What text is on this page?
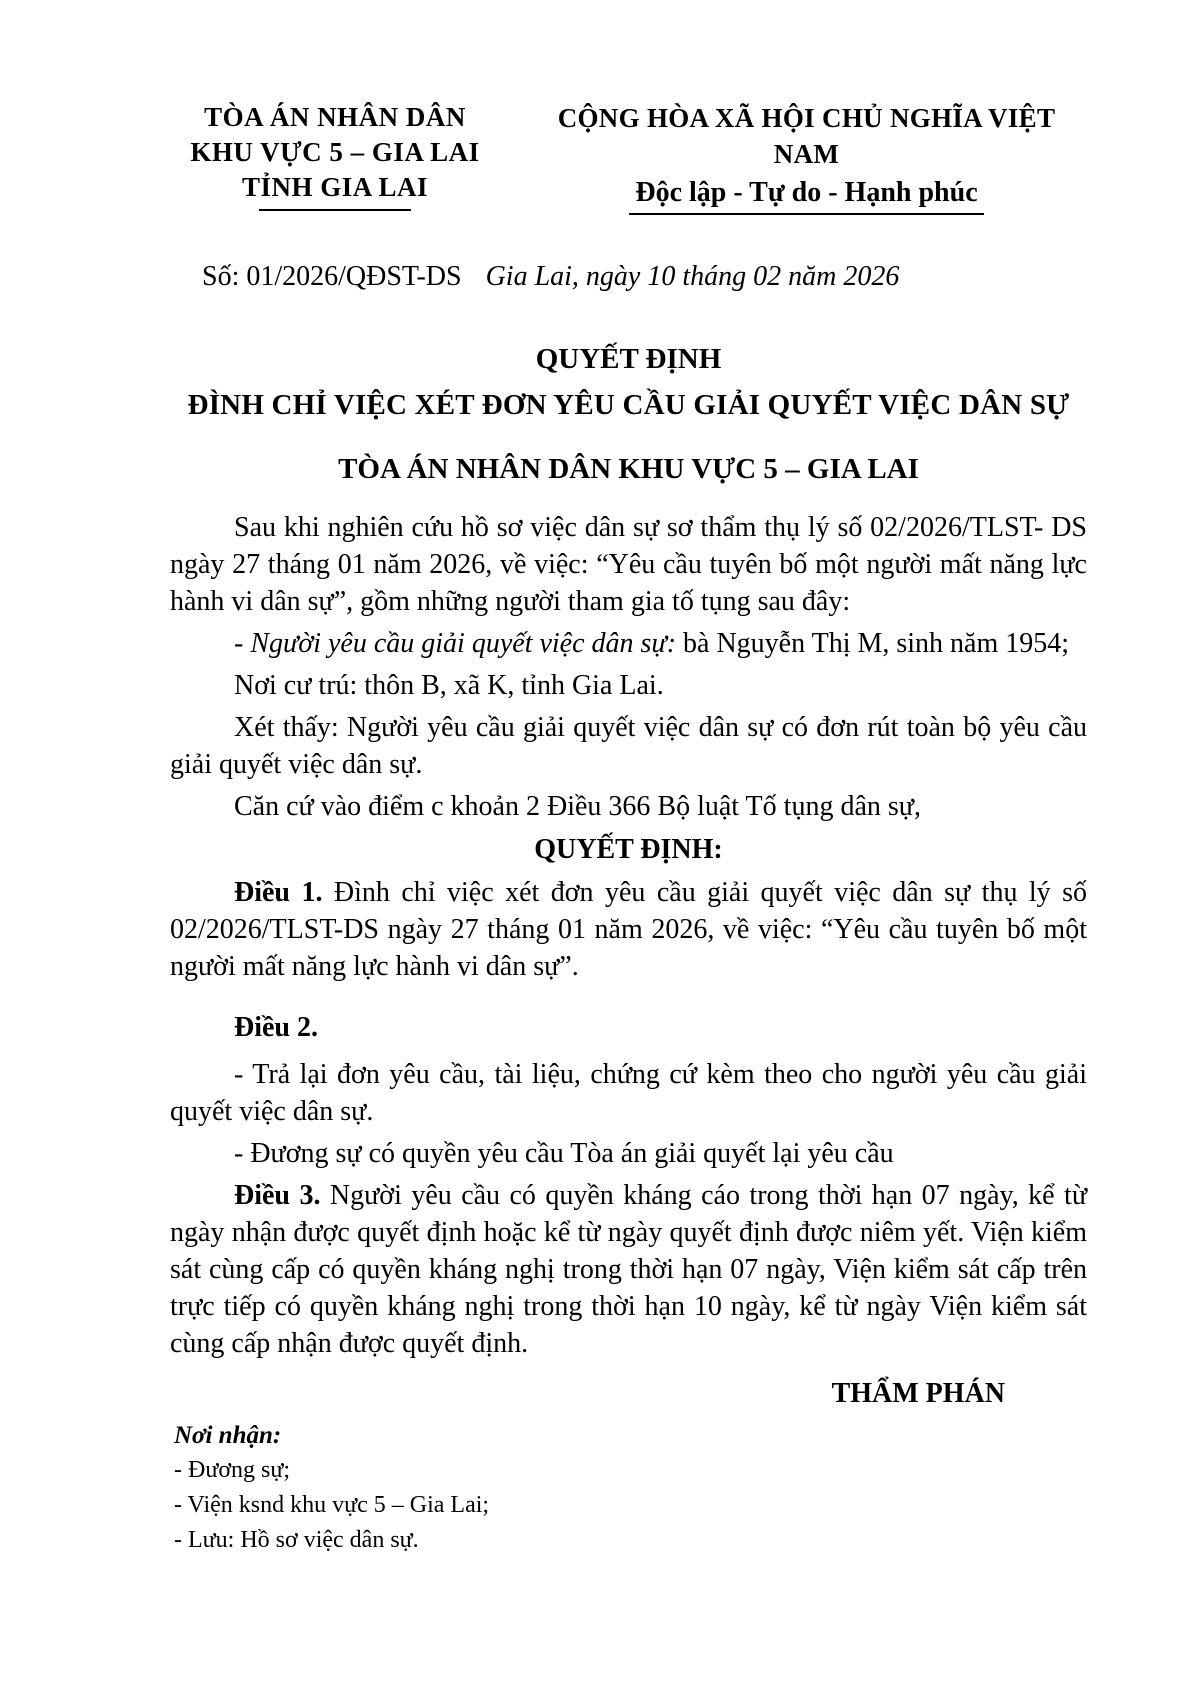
TÒA ÁN NHÂN DÂN
KHU VỰC 5 – GIA LAI
TỈNH GIA LAI
CỘNG HÒA XÃ HỘI CHỦ NGHĨA VIỆT NAM
Độc lập - Tự do - Hạnh phúc
Số: 01/2026/QĐST-DS Gia Lai, ngày 10 tháng 02 năm 2026
QUYẾT ĐỊNH
ĐÌNH CHỈ VIỆC XÉT ĐƠN YÊU CẦU GIẢI QUYẾT VIỆC DÂN SỰ
TÒA ÁN NHÂN DÂN KHU VỰC 5 – GIA LAI

Sau khi nghiên cứu hồ sơ việc dân sự sơ thẩm thụ lý số 02/2026/TLST- DS ngày 27 tháng 01 năm 2026, về việc: “Yêu cầu tuyên bố một người mất năng lực hành vi dân sự”, gồm những người tham gia tố tụng sau đây:

- Người yêu cầu giải quyết việc dân sự: bà Nguyễn Thị M, sinh năm 1954;

Nơi cư trú: thôn B, xã K, tỉnh Gia Lai.

Xét thấy: Người yêu cầu giải quyết việc dân sự có đơn rút toàn bộ yêu cầu giải quyết việc dân sự.

Căn cứ vào điểm c khoản 2 Điều 366 Bộ luật Tố tụng dân sự,

QUYẾT ĐỊNH:

Điều 1. Đình chỉ việc xét đơn yêu cầu giải quyết việc dân sự thụ lý số 02/2026/TLST-DS ngày 27 tháng 01 năm 2026, về việc: “Yêu cầu tuyên bố một người mất năng lực hành vi dân sự”.

Điều 2.

- Trả lại đơn yêu cầu, tài liệu, chứng cứ kèm theo cho người yêu cầu giải quyết việc dân sự.

- Đương sự có quyền yêu cầu Tòa án giải quyết lại yêu cầu

Điều 3. Người yêu cầu có quyền kháng cáo trong thời hạn 07 ngày, kể từ ngày nhận được quyết định hoặc kể từ ngày quyết định được niêm yết. Viện kiểm sát cùng cấp có quyền kháng nghị trong thời hạn 07 ngày, Viện kiểm sát cấp trên trực tiếp có quyền kháng nghị trong thời hạn 10 ngày, kể từ ngày Viện kiểm sát cùng cấp nhận được quyết định.

THẨM PHÁN
Nơi nhận:
- Đương sự;
- Viện ksnd khu vực 5 – Gia Lai;
- Lưu: Hồ sơ việc dân sự.
